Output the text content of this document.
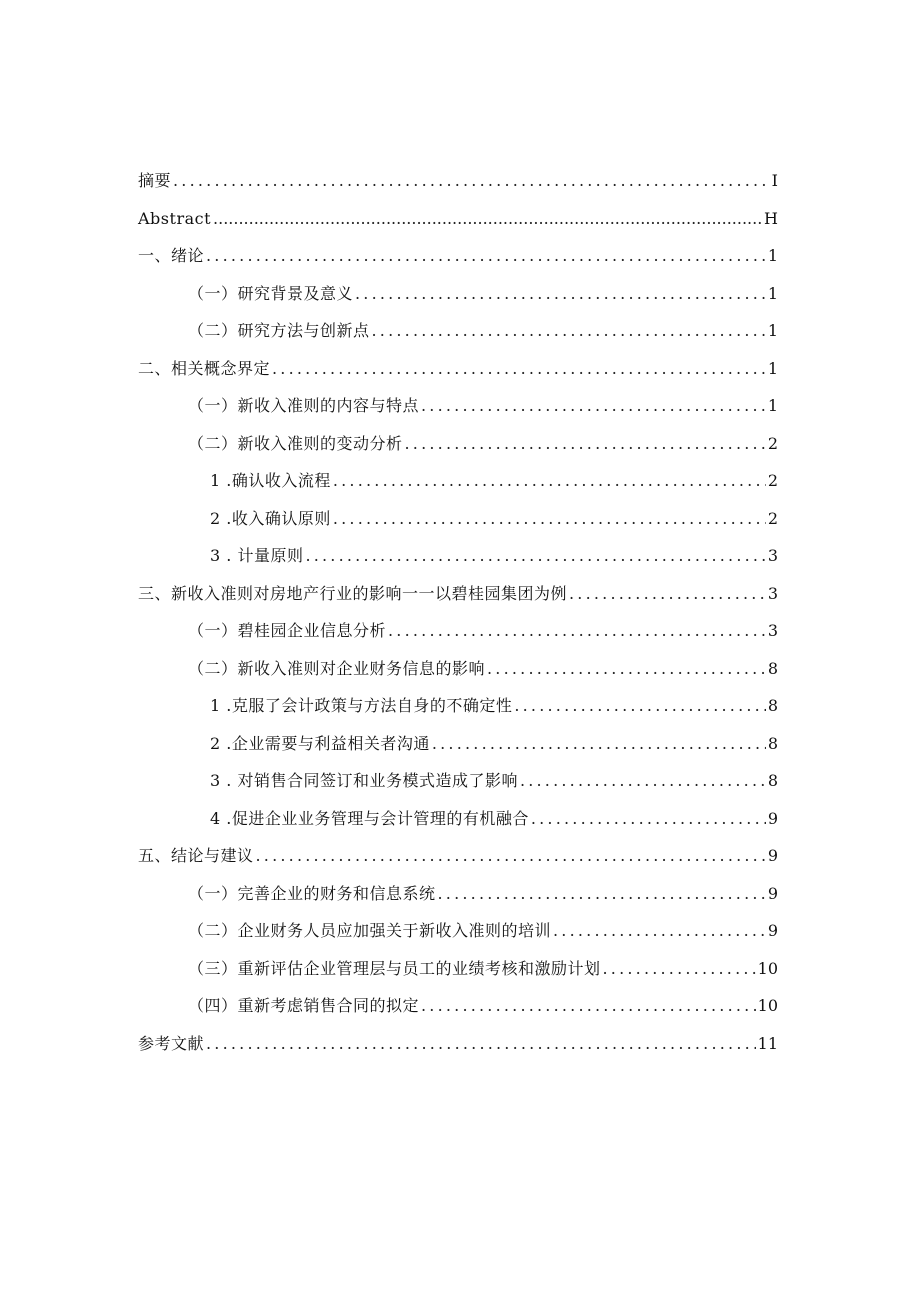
摘要 .....	I
Abstract .....	H
一、绪论 .....	1
（一）研究背景及意义 .....	1
（二）研究方法与创新点 .....	1
二、相关概念界定 .....	1
（一）新收入准则的内容与特点 .....	1
（二）新收入准则的变动分析 .....	2
1 .确认收入流程 .....	2
2 .收入确认原则 .....	2
3 . 计量原则 .....	3
三、新收入准则对房地产行业的影响一一以碧桂园集团为例 .....	3
（一）碧桂园企业信息分析 .....	3
（二）新收入准则对企业财务信息的影响 .....	8
1 .克服了会计政策与方法自身的不确定性 .....	8
2 .企业需要与利益相关者沟通 .....	8
3 . 对销售合同签订和业务模式造成了影响 .....	8
4 .促进企业业务管理与会计管理的有机融合 .....	9
五、结论与建议 .....	9
（一）完善企业的财务和信息系统 .....	9
（二）企业财务人员应加强关于新收入准则的培训 .....	9
（三）重新评估企业管理层与员工的业绩考核和激励计划 .....	10
（四）重新考虑销售合同的拟定 .....	10
参考文献 .....	11
